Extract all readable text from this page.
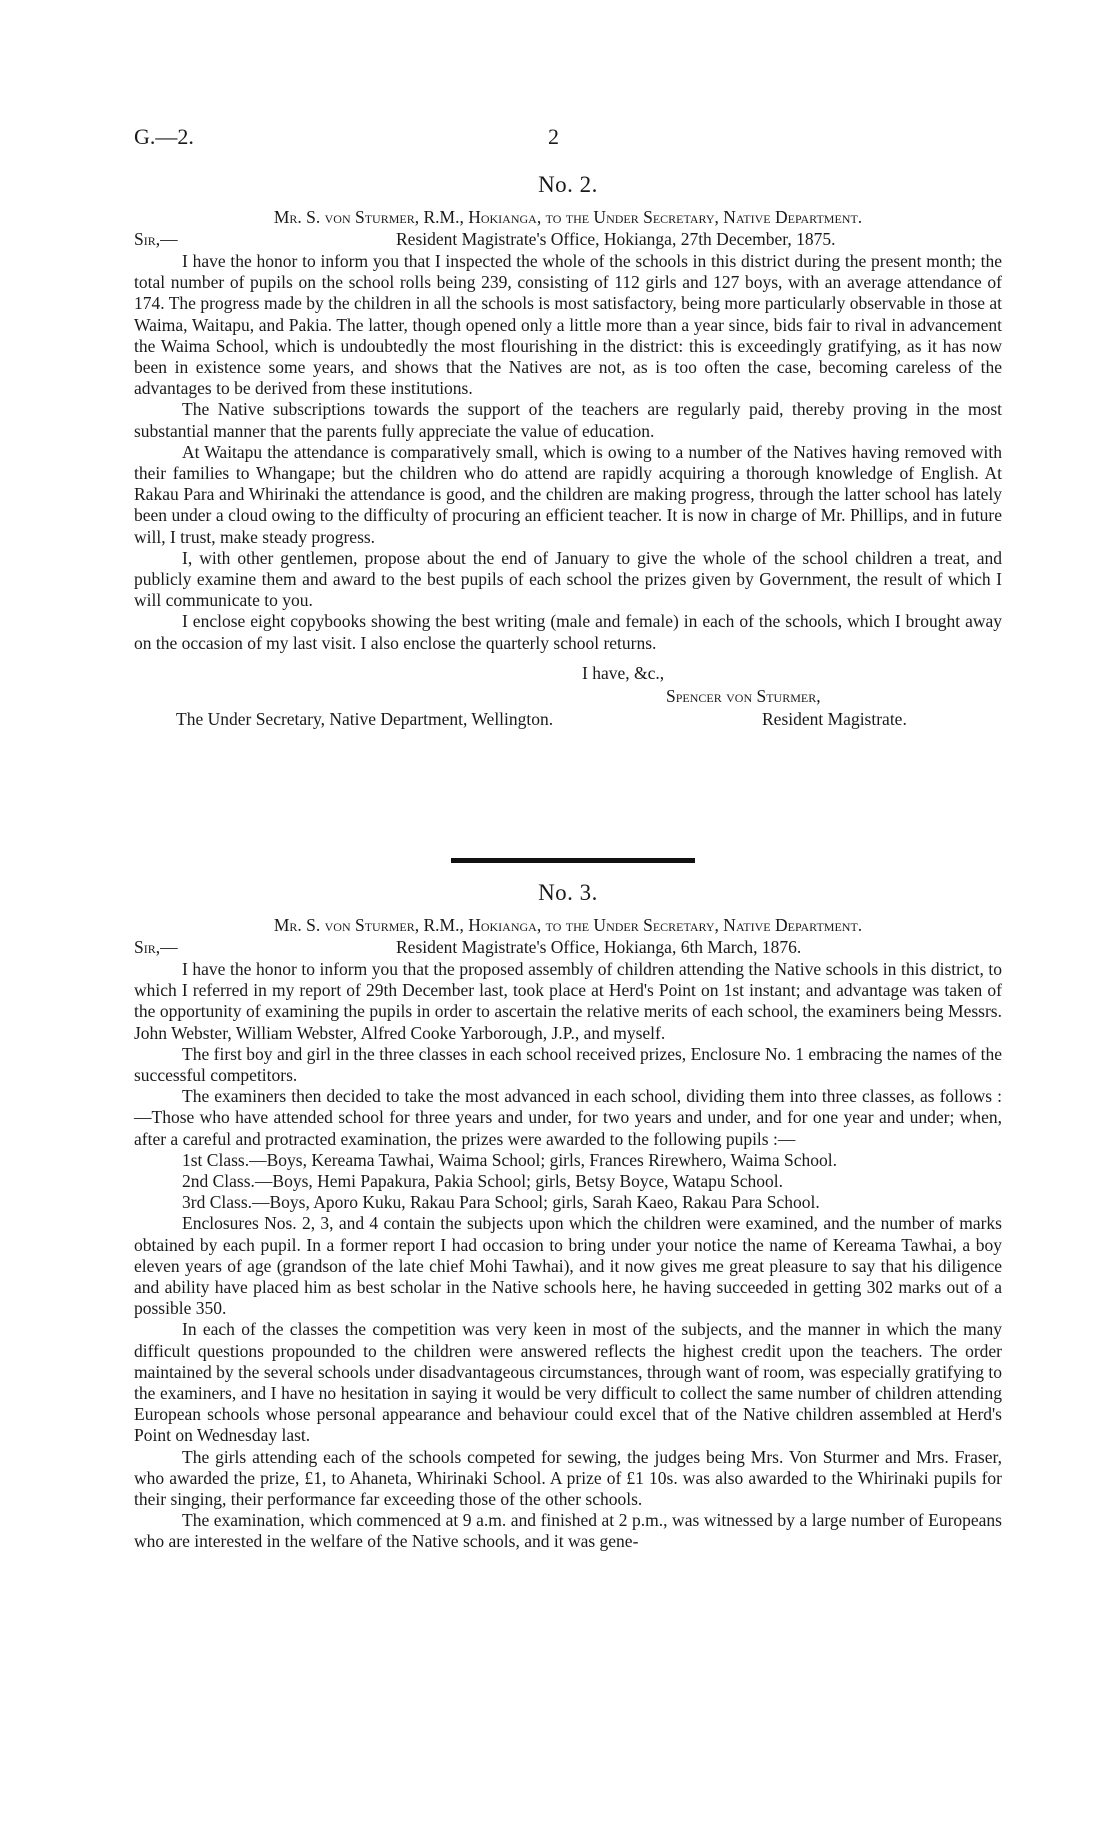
G.—2.	2
No. 2.
Mr. S. von Sturmer, R.M., Hokianga, to the Under Secretary, Native Department.
Sir,—	Resident Magistrate's Office, Hokianga, 27th December, 1875.

I have the honor to inform you that I inspected the whole of the schools in this district during the present month; the total number of pupils on the school rolls being 239, consisting of 112 girls and 127 boys, with an average attendance of 174. The progress made by the children in all the schools is most satisfactory, being more particularly observable in those at Waima, Waitapu, and Pakia. The latter, though opened only a little more than a year since, bids fair to rival in advancement the Waima School, which is undoubtedly the most flourishing in the district: this is exceedingly gratifying, as it has now been in existence some years, and shows that the Natives are not, as is too often the case, becoming careless of the advantages to be derived from these institutions.

The Native subscriptions towards the support of the teachers are regularly paid, thereby proving in the most substantial manner that the parents fully appreciate the value of education.

At Waitapu the attendance is comparatively small, which is owing to a number of the Natives having removed with their families to Whangape; but the children who do attend are rapidly acquiring a thorough knowledge of English. At Rakau Para and Whirinaki the attendance is good, and the children are making progress, through the latter school has lately been under a cloud owing to the difficulty of procuring an efficient teacher. It is now in charge of Mr. Phillips, and in future will, I trust, make steady progress.

I, with other gentlemen, propose about the end of January to give the whole of the school children a treat, and publicly examine them and award to the best pupils of each school the prizes given by Government, the result of which I will communicate to you.

I enclose eight copybooks showing the best writing (male and female) in each of the schools, which I brought away on the occasion of my last visit. I also enclose the quarterly school returns.

I have, &c.,
Spencer von Sturmer,
The Under Secretary, Native Department, Wellington.	Resident Magistrate.
No. 3.
Mr. S. von Sturmer, R.M., Hokianga, to the Under Secretary, Native Department.
Sir,—	Resident Magistrate's Office, Hokianga, 6th March, 1876.

I have the honor to inform you that the proposed assembly of children attending the Native schools in this district, to which I referred in my report of 29th December last, took place at Herd's Point on 1st instant; and advantage was taken of the opportunity of examining the pupils in order to ascertain the relative merits of each school, the examiners being Messrs. John Webster, William Webster, Alfred Cooke Yarborough, J.P., and myself.

The first boy and girl in the three classes in each school received prizes, Enclosure No. 1 embracing the names of the successful competitors.

The examiners then decided to take the most advanced in each school, dividing them into three classes, as follows :—Those who have attended school for three years and under, for two years and under, and for one year and under; when, after a careful and protracted examination, the prizes were awarded to the following pupils :—

1st Class.—Boys, Kereama Tawhai, Waima School; girls, Frances Rirewhero, Waima School.

2nd Class.—Boys, Hemi Papakura, Pakia School; girls, Betsy Boyce, Watapu School.

3rd Class.—Boys, Aporo Kuku, Rakau Para School; girls, Sarah Kaeo, Rakau Para School.

Enclosures Nos. 2, 3, and 4 contain the subjects upon which the children were examined, and the number of marks obtained by each pupil. In a former report I had occasion to bring under your notice the name of Kereama Tawhai, a boy eleven years of age (grandson of the late chief Mohi Tawhai), and it now gives me great pleasure to say that his diligence and ability have placed him as best scholar in the Native schools here, he having succeeded in getting 302 marks out of a possible 350.

In each of the classes the competition was very keen in most of the subjects, and the manner in which the many difficult questions propounded to the children were answered reflects the highest credit upon the teachers. The order maintained by the several schools under disadvantageous circumstances, through want of room, was especially gratifying to the examiners, and I have no hesitation in saying it would be very difficult to collect the same number of children attending European schools whose personal appearance and behaviour could excel that of the Native children assembled at Herd's Point on Wednesday last.

The girls attending each of the schools competed for sewing, the judges being Mrs. Von Sturmer and Mrs. Fraser, who awarded the prize, £1, to Ahaneta, Whirinaki School. A prize of £1 10s. was also awarded to the Whirinaki pupils for their singing, their performance far exceeding those of the other schools.

The examination, which commenced at 9 a.m. and finished at 2 p.m., was witnessed by a large number of Europeans who are interested in the welfare of the Native schools, and it was gene-
